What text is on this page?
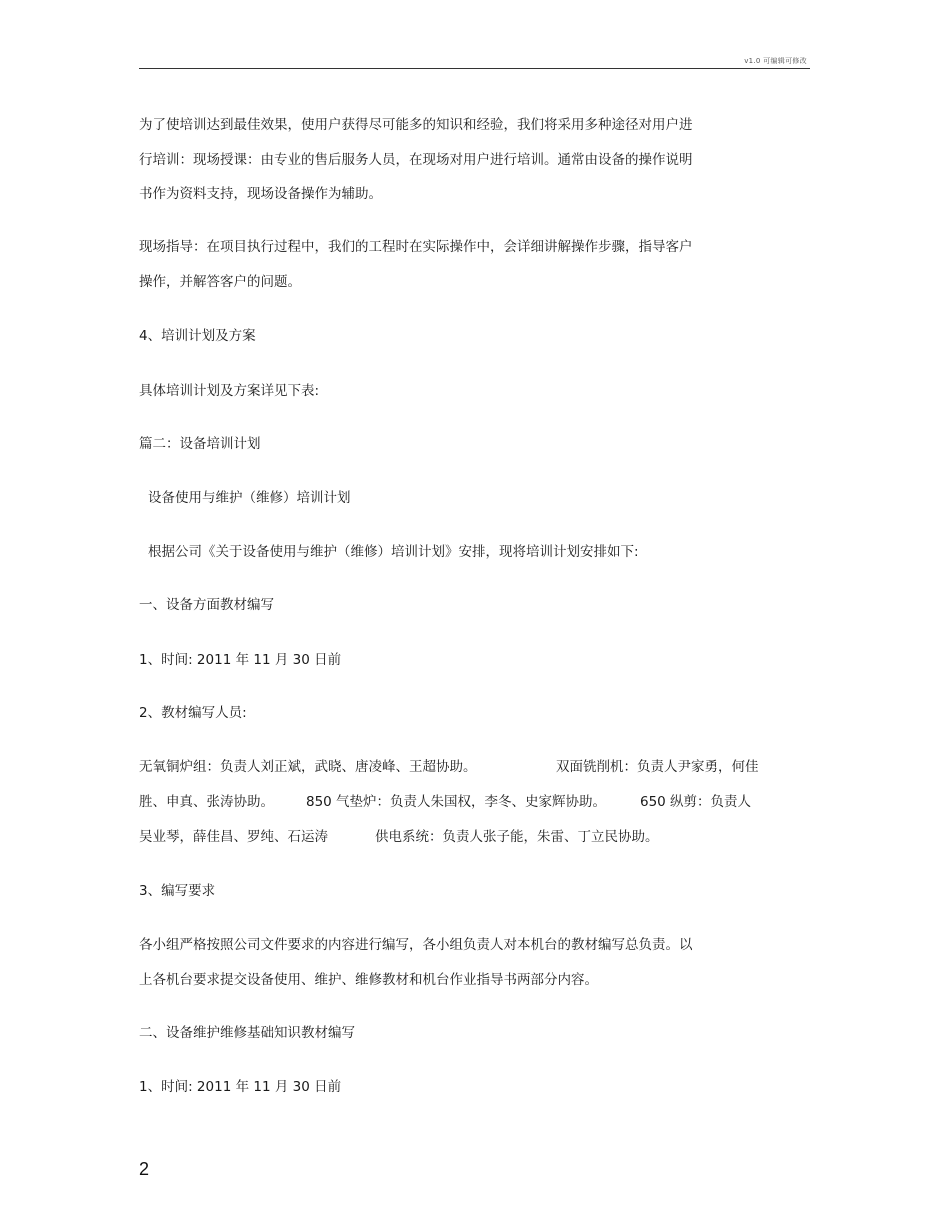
v1.0 可编辑可修改
为了使培训达到最佳效果，使用户获得尽可能多的知识和经验，我们将采用多种途径对用户进
行培训：现场授课：由专业的售后服务人员，在现场对用户进行培训。通常由设备的操作说明
书作为资料支持，现场设备操作为辅助。
现场指导：在项目执行过程中，我们的工程时在实际操作中，会详细讲解操作步骤，指导客户
操作，并解答客户的问题。
4、培训计划及方案
具体培训计划及方案详见下表:
篇二：设备培训计划
设备使用与维护（维修）培训计划
根据公司《关于设备使用与维护（维修）培训计划》安排，现将培训计划安排如下:
一、设备方面教材编写
1、时间: 2011 年 11 月 30 日前
2、教材编写人员:
无氧铜炉组：负责人刘正斌，武晓、唐凌峰、王超协助。	双面铣削机：负责人尹家勇，何佳
胜、申真、张涛协助。 850 气垫炉：负责人朱国权，李冬、史家辉协助。	650 纵剪：负责人
吴业琴，薛佳昌、罗纯、石运涛	供电系统：负责人张子能，朱雷、丁立民协助。
3、编写要求
各小组严格按照公司文件要求的内容进行编写，各小组负责人对本机台的教材编写总负责。以
上各机台要求提交设备使用、维护、维修教材和机台作业指导书两部分内容。
二、设备维护维修基础知识教材编写
1、时间: 2011 年 11 月 30 日前
2
